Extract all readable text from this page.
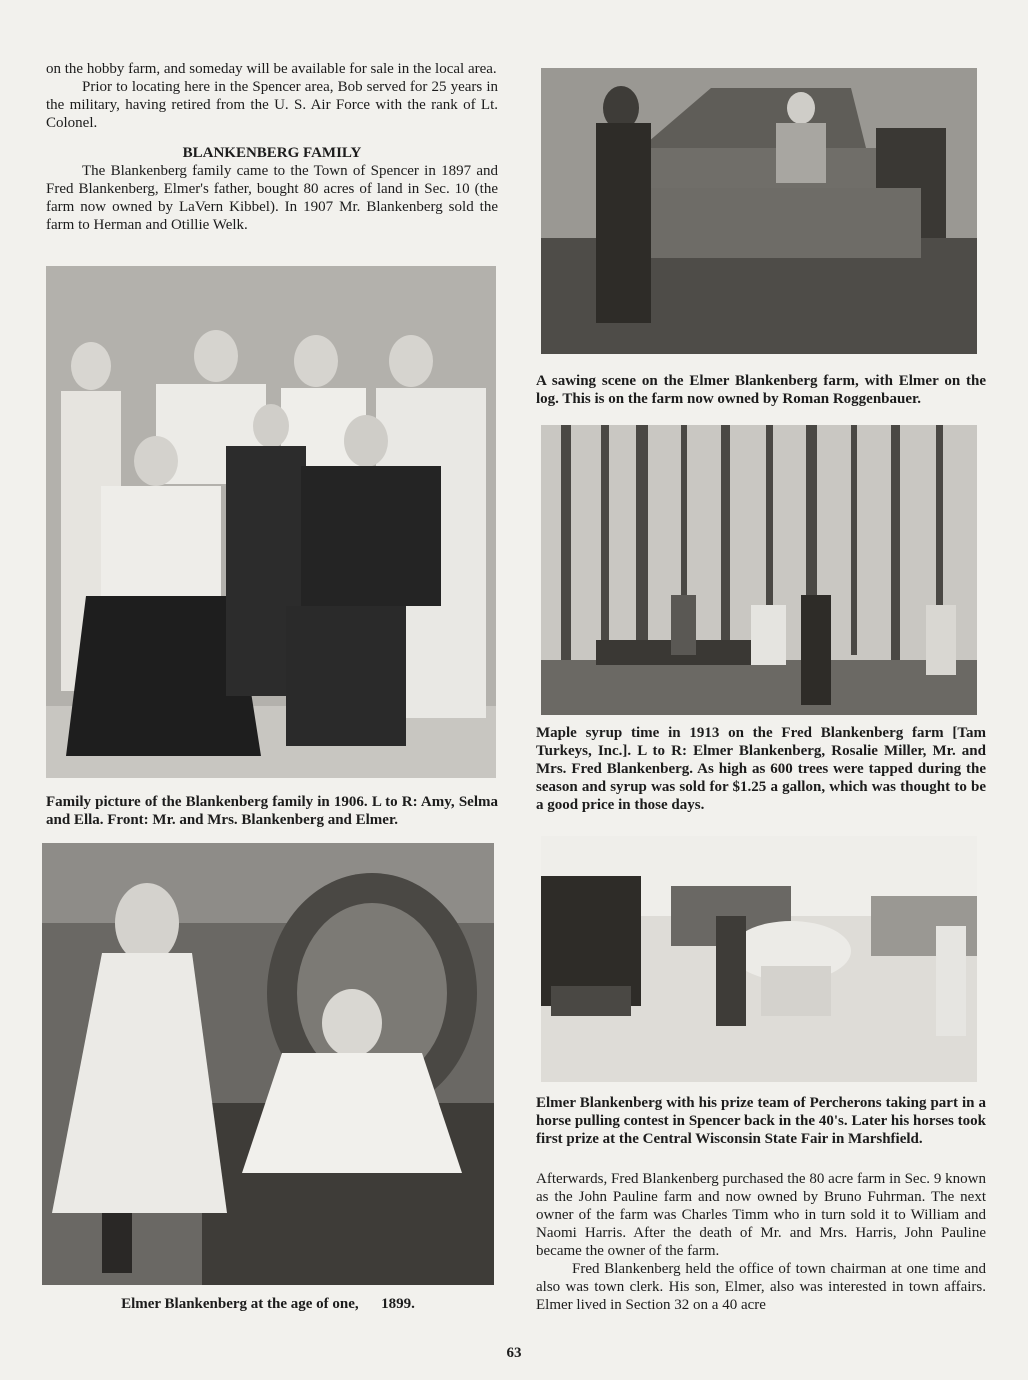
on the hobby farm, and someday will be available for sale in the local area.

Prior to locating here in the Spencer area, Bob served for 25 years in the military, having retired from the U. S. Air Force with the rank of Lt. Colonel.

BLANKENBERG FAMILY

The Blankenberg family came to the Town of Spencer in 1897 and Fred Blankenberg, Elmer's father, bought 80 acres of land in Sec. 10 (the farm now owned by LaVern Kibbel). In 1907 Mr. Blankenberg sold the farm to Herman and Otillie Welk.

Family picture of the Blankenberg family in 1906. L to R: Amy, Selma and Ella. Front: Mr. and Mrs. Blankenberg and Elmer.
Elmer Blankenberg at the age of one,      1899.
A sawing scene on the Elmer Blankenberg farm, with Elmer on the log. This is on the farm now owned by Roman Roggenbauer.
Maple syrup time in 1913 on the Fred Blankenberg farm [Tam Turkeys, Inc.]. L to R: Elmer Blankenberg, Rosalie Miller, Mr. and Mrs. Fred Blankenberg. As high as 600 trees were tapped during the season and syrup was sold for $1.25 a gallon, which was thought to be a good price in those days.
Elmer Blankenberg with his prize team of Percherons taking part in a horse pulling contest in Spencer back in the 40's. Later his horses took first prize at the Central Wisconsin State Fair in Marshfield.

Afterwards, Fred Blankenberg purchased the 80 acre farm in Sec. 9 known as the John Pauline farm and now owned by Bruno Fuhrman. The next owner of the farm was Charles Timm who in turn sold it to William and Naomi Harris. After the death of Mr. and Mrs. Harris, John Pauline became the owner of the farm.

Fred Blankenberg held the office of town chairman at one time and also was town clerk. His son, Elmer, also was interested in town affairs. Elmer lived in Section 32 on a 40 acre

63
